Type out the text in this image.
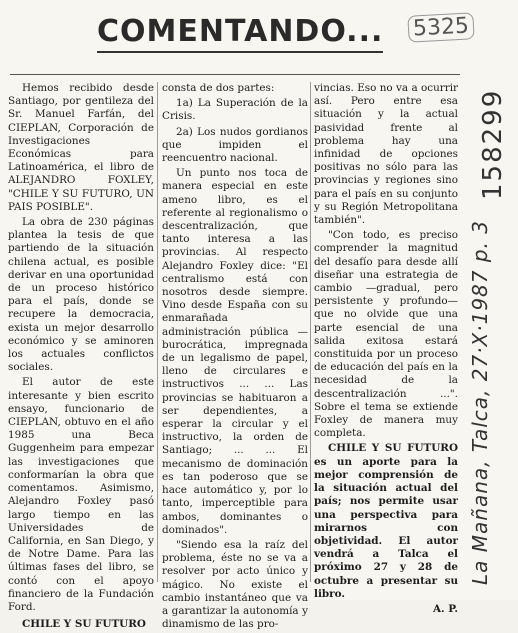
COMENTANDO... 5325

Hemos recibido desde Santiago, por gentileza del Sr. Manuel Farfán, del CIEPLAN, Corporación de Investigaciones Económicas para Latinoamérica, el libro de ALEJANDRO FOXLEY, "CHILE Y SU FUTURO, UN PAIS POSIBLE".

La obra de 230 páginas plantea la tesis de que partiendo de la situación chilena actual, es posible derivar en una oportunidad de un proceso histórico para el país, donde se recupere la democracia, exista un mejor desarrollo económico y se aminoren los actuales conflictos sociales.

El autor de este interesante y bien escrito ensayo, funcionario de CIEPLAN, obtuvo en el año 1985 una Beca Guggenheim para empezar las investigaciones que conformarían la obra que comentamos. Asimismo, Alejandro Foxley pasó largo tiempo en las Universidades de California, en San Diego, y de Notre Dame. Para las últimas fases del libro, se contó con el apoyo financiero de la Fundación Ford.

CHILE Y SU FUTURO

consta de dos partes:

1a) La Superación de la Crisis.

2a) Los nudos gordianos que impiden el reencuentro nacional.

Un punto nos toca de manera especial en este ameno libro, es el referente al regionalismo o descentralización, que tanto interesa a las provincias. Al respecto Alejandro Foxley dice: "El centralismo está con nosotros desde siempre. Vino desde España con su enmarañada administración pública — burocrática, impregnada de un legalismo de papel, lleno de circulares e instructivos ... ... Las provincias se habituaron a ser dependientes, a esperar la circular y el instructivo, la orden de Santiago; ... ... El mecanismo de dominación es tan poderoso que se hace automático y, por lo tanto, imperceptible para ambos, dominantes o dominados".

"Siendo esa la raíz del problema, éste no se va a resolver por acto único y mágico. No existe el cambio instantáneo que va a garantizar la autonomía y dinamismo de las pro-

vincias. Eso no va a ocurrir así. Pero entre esa situación y la actual pasividad frente al problema hay una infinidad de opciones positivas no sólo para las provincias y regiones sino para el país en su conjunto y su Región Metropolitana también".

"Con todo, es preciso comprender la magnitud del desafío para desde allí diseñar una estrategia de cambio —gradual, pero persistente y profundo— que no olvide que una parte esencial de una salida exitosa estará constituida por un proceso de educación del país en la necesidad de la descentralización ...". Sobre el tema se extiende Foxley de manera muy completa.

CHILE Y SU FUTURO es un aporte para la mejor comprensión de la situación actual del país; nos permite usar una perspectiva para mirarnos con objetividad. El autor vendrá a Talca el próximo 27 y 28 de octubre a presentar su libro.

A. P.

158299
La Mañana, Talca, 27·X·1987 p. 3
